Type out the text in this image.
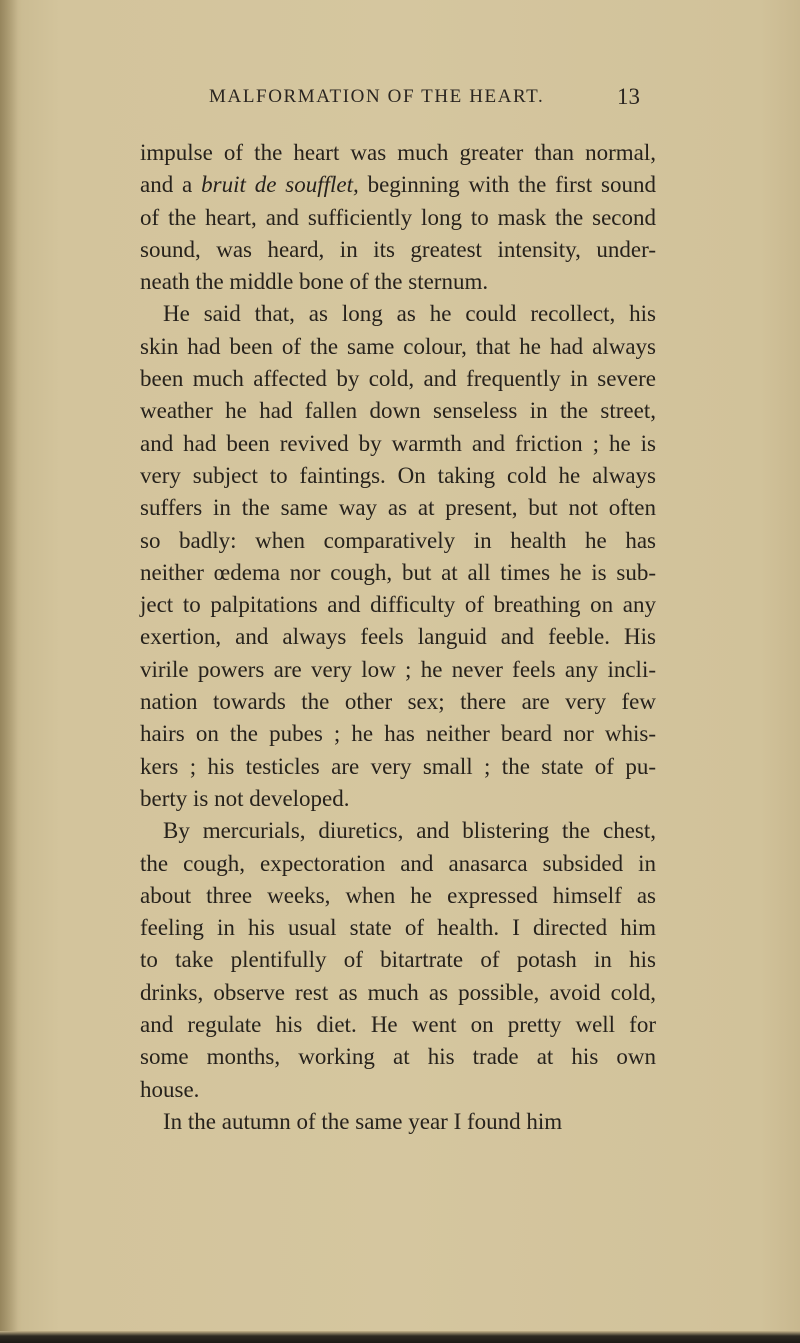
MALFORMATION OF THE HEART.	13
impulse of the heart was much greater than normal,
and a bruit de soufflet, beginning with the first sound
of the heart, and sufficiently long to mask the second
sound, was heard, in its greatest intensity, under-
neath the middle bone of the sternum.
He said that, as long as he could recollect, his
skin had been of the same colour, that he had always
been much affected by cold, and frequently in severe
weather he had fallen down senseless in the street,
and had been revived by warmth and friction ; he is
very subject to faintings. On taking cold he always
suffers in the same way as at present, but not often
so badly: when comparatively in health he has
neither œdema nor cough, but at all times he is sub-
ject to palpitations and difficulty of breathing on any
exertion, and always feels languid and feeble. His
virile powers are very low ; he never feels any incli-
nation towards the other sex; there are very few
hairs on the pubes ; he has neither beard nor whis-
kers ; his testicles are very small ; the state of pu-
berty is not developed.
By mercurials, diuretics, and blistering the chest,
the cough, expectoration and anasarca subsided in
about three weeks, when he expressed himself as
feeling in his usual state of health. I directed him
to take plentifully of bitartrate of potash in his
drinks, observe rest as much as possible, avoid cold,
and regulate his diet. He went on pretty well for
some months, working at his trade at his own
house.
In the autumn of the same year I found him
